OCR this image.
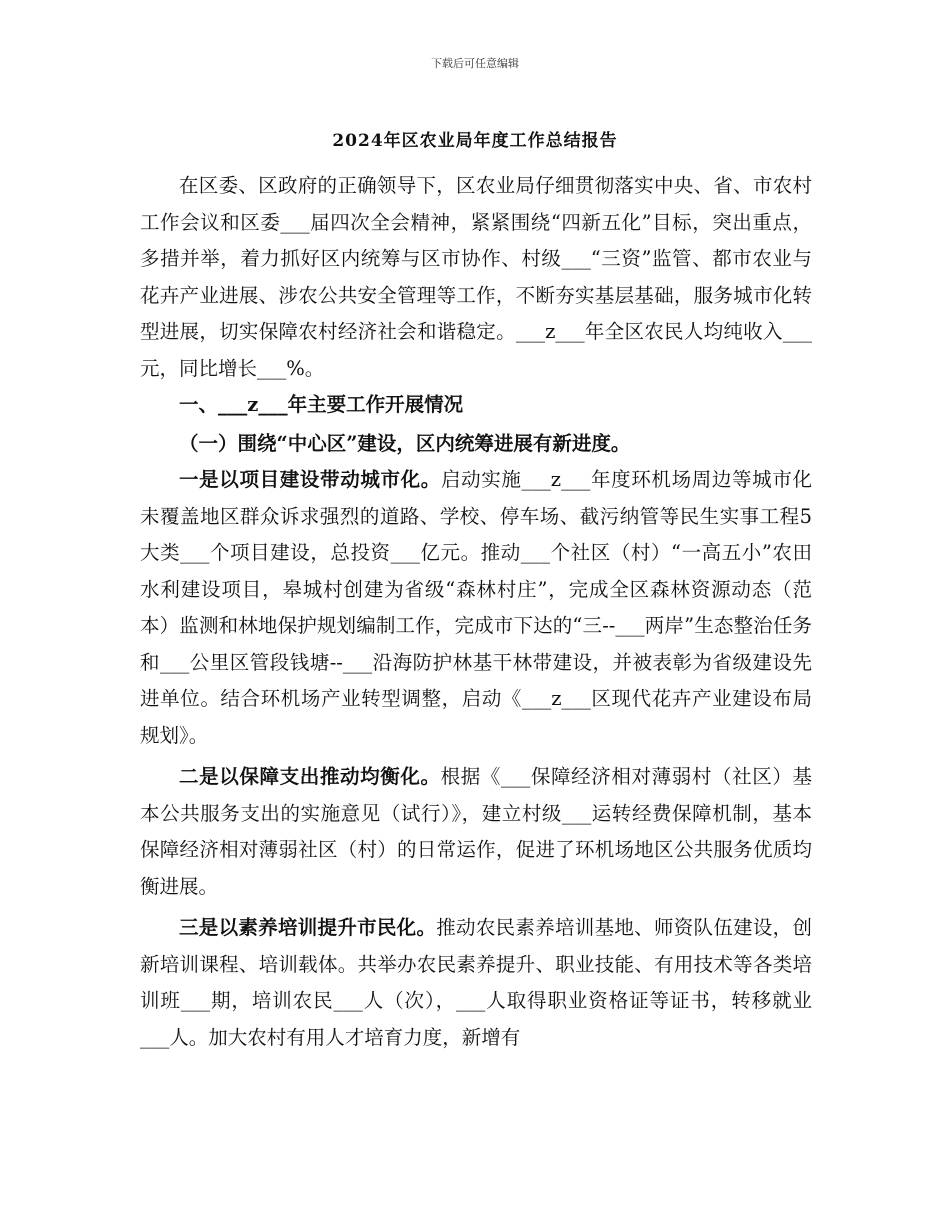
下载后可任意编辑
2024年区农业局年度工作总结报告

在区委、区政府的正确领导下，区农业局仔细贯彻落实中央、省、市农村工作会议和区委___届四次全会精神，紧紧围绕“四新五化”目标，突出重点，多措并举，着力抓好区内统筹与区市协作、村级___“三资”监管、都市农业与花卉产业进展、涉农公共安全管理等工作，不断夯实基层基础，服务城市化转型进展，切实保障农村经济社会和谐稳定。___z___年全区农民人均纯收入___元，同比增长___%。

一、___z___年主要工作开展情况

（一）围绕“中心区”建设，区内统筹进展有新进度。

一是以项目建设带动城市化。启动实施___z___年度环机场周边等城市化未覆盖地区群众诉求强烈的道路、学校、停车场、截污纳管等民生实事工程5大类___个项目建设，总投资___亿元。推动___个社区（村）“一高五小”农田水利建设项目，皋城村创建为省级“森林村庄”，完成全区森林资源动态（范本）监测和林地保护规划编制工作，完成市下达的“三--___两岸”生态整治任务和___公里区管段钱塘--___沿海防护林基干林带建设，并被表彰为省级建设先进单位。结合环机场产业转型调整，启动《___z___区现代花卉产业建设布局规划》。

二是以保障支出推动均衡化。根据《___保障经济相对薄弱村（社区）基本公共服务支出的实施意见（试行）》，建立村级___运转经费保障机制，基本保障经济相对薄弱社区（村）的日常运作，促进了环机场地区公共服务优质均衡进展。

三是以素养培训提升市民化。推动农民素养培训基地、师资队伍建设，创新培训课程、培训载体。共举办农民素养提升、职业技能、有用技术等各类培训班___期，培训农民___人（次），___人取得职业资格证等证书，转移就业___人。加大农村有用人才培育力度，新增有
